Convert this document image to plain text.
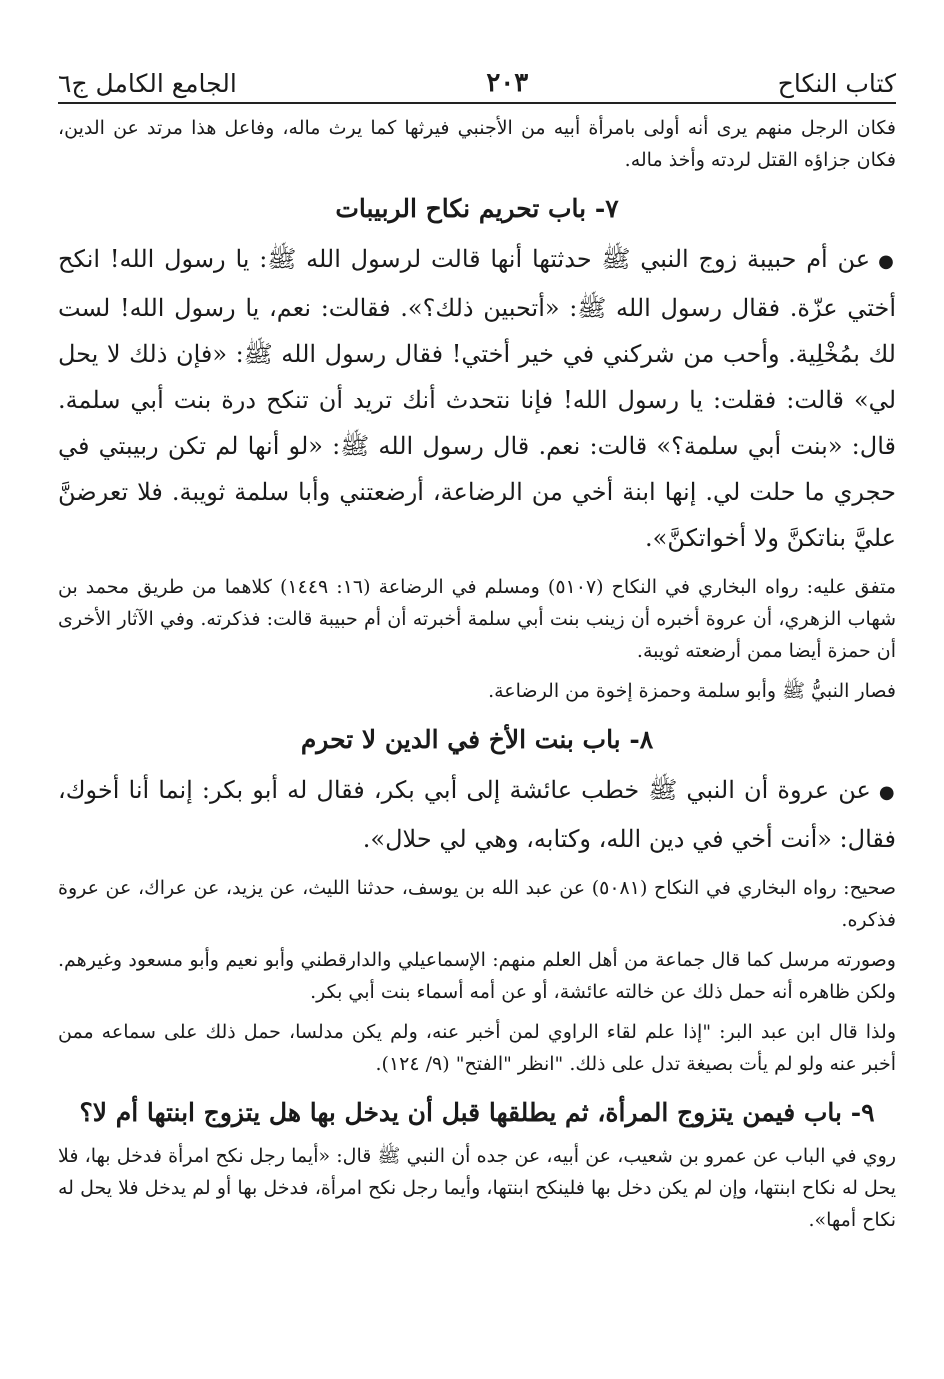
كتاب النكاح
٢٠٣
الجامع الكامل ج٦

فكان الرجل منهم يرى أنه أولى بامرأة أبيه من الأجنبي فيرثها كما يرث ماله، وفاعل هذا مرتد عن الدين، فكان جزاؤه القتل لردته وأخذ ماله.

٧- باب تحريم نكاح الربيبات

●عن أم حبيبة زوج النبي ﷺ حدثتها أنها قالت لرسول الله ﷺ: يا رسول الله! انكح أختي عزّة. فقال رسول الله ﷺ: «أتحبين ذلك؟». فقالت: نعم، يا رسول الله! لست لك بمُخْلِية. وأحب من شركني في خير أختي! فقال رسول الله ﷺ: «فإن ذلك لا يحل لي» قالت: فقلت: يا رسول الله! فإنا نتحدث أنك تريد أن تنكح درة بنت أبي سلمة. قال: «بنت أبي سلمة؟» قالت: نعم. قال رسول الله ﷺ: «لو أنها لم تكن ربيبتي في حجري ما حلت لي. إنها ابنة أخي من الرضاعة، أرضعتني وأبا سلمة ثويبة. فلا تعرضنَّ عليَّ بناتكنَّ ولا أخواتكنَّ».

متفق عليه: رواه البخاري في النكاح (٥١٠٧) ومسلم في الرضاعة (١٦: ١٤٤٩) كلاهما من طريق محمد بن شهاب الزهري، أن عروة أخبره أن زينب بنت أبي سلمة أخبرته أن أم حبيبة قالت: فذكرته. وفي الآثار الأخرى أن حمزة أيضا ممن أرضعته ثويبة.

فصار النبيُّ ﷺ وأبو سلمة وحمزة إخوة من الرضاعة.

٨- باب بنت الأخ في الدين لا تحرم

●عن عروة أن النبي ﷺ خطب عائشة إلى أبي بكر، فقال له أبو بكر: إنما أنا أخوك، فقال: «أنت أخي في دين الله، وكتابه، وهي لي حلال».

صحيح: رواه البخاري في النكاح (٥٠٨١) عن عبد الله بن يوسف، حدثنا الليث، عن يزيد، عن عراك، عن عروة فذكره.

وصورته مرسل كما قال جماعة من أهل العلم منهم: الإسماعيلي والدارقطني وأبو نعيم وأبو مسعود وغيرهم. ولكن ظاهره أنه حمل ذلك عن خالته عائشة، أو عن أمه أسماء بنت أبي بكر.

ولذا قال ابن عبد البر: "إذا علم لقاء الراوي لمن أخبر عنه، ولم يكن مدلسا، حمل ذلك على سماعه ممن أخبر عنه ولو لم يأت بصيغة تدل على ذلك. "انظر "الفتح" (٩/ ١٢٤).

٩- باب فيمن يتزوج المرأة، ثم يطلقها قبل أن يدخل بها هل يتزوج ابنتها أم لا؟

روي في الباب عن عمرو بن شعيب، عن أبيه، عن جده أن النبي ﷺ قال: «أيما رجل نكح امرأة فدخل بها، فلا يحل له نكاح ابنتها، وإن لم يكن دخل بها فلينكح ابنتها، وأيما رجل نكح امرأة، فدخل بها أو لم يدخل فلا يحل له نكاح أمها».
